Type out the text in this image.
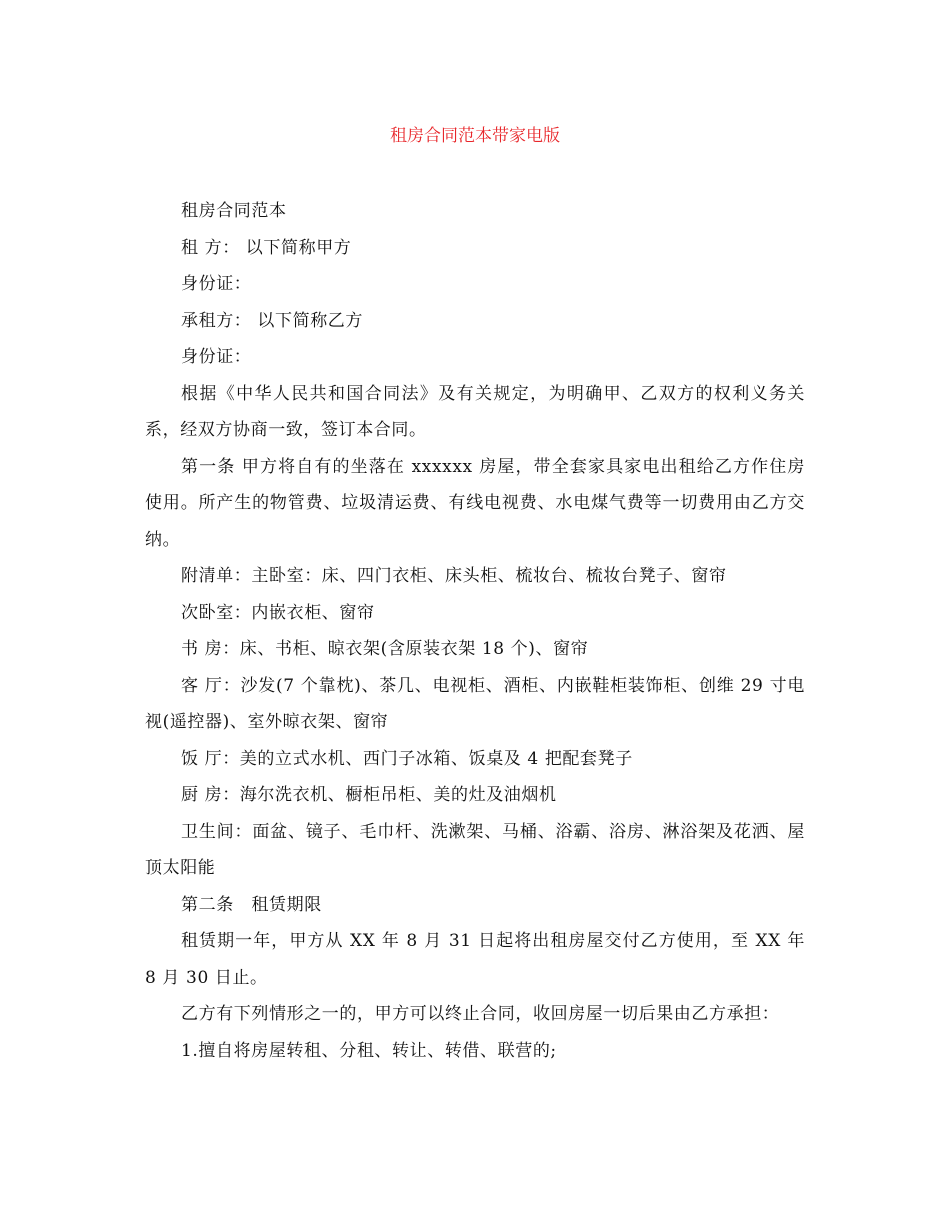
租房合同范本带家电版

租房合同范本

租 方： 以下简称甲方

身份证：

承租方： 以下简称乙方

身份证：

根据《中华人民共和国合同法》及有关规定，为明确甲、乙双方的权利义务关系，经双方协商一致，签订本合同。

第一条 甲方将自有的坐落在 xxxxxx 房屋，带全套家具家电出租给乙方作住房使用。所产生的物管费、垃圾清运费、有线电视费、水电煤气费等一切费用由乙方交纳。

附清单：主卧室：床、四门衣柜、床头柜、梳妆台、梳妆台凳子、窗帘

次卧室：内嵌衣柜、窗帘

书 房：床、书柜、晾衣架(含原装衣架 18 个)、窗帘

客 厅：沙发(7 个靠枕)、茶几、电视柜、酒柜、内嵌鞋柜装饰柜、创维 29 寸电视(遥控器)、室外晾衣架、窗帘

饭 厅：美的立式水机、西门子冰箱、饭桌及 4 把配套凳子

厨 房：海尔洗衣机、橱柜吊柜、美的灶及油烟机

卫生间：面盆、镜子、毛巾杆、洗漱架、马桶、浴霸、浴房、淋浴架及花洒、屋顶太阳能

第二条　租赁期限

租赁期一年，甲方从 XX 年 8 月 31 日起将出租房屋交付乙方使用，至 XX 年 8 月 30 日止。

乙方有下列情形之一的，甲方可以终止合同，收回房屋一切后果由乙方承担：

1.擅自将房屋转租、分租、转让、转借、联营的;
